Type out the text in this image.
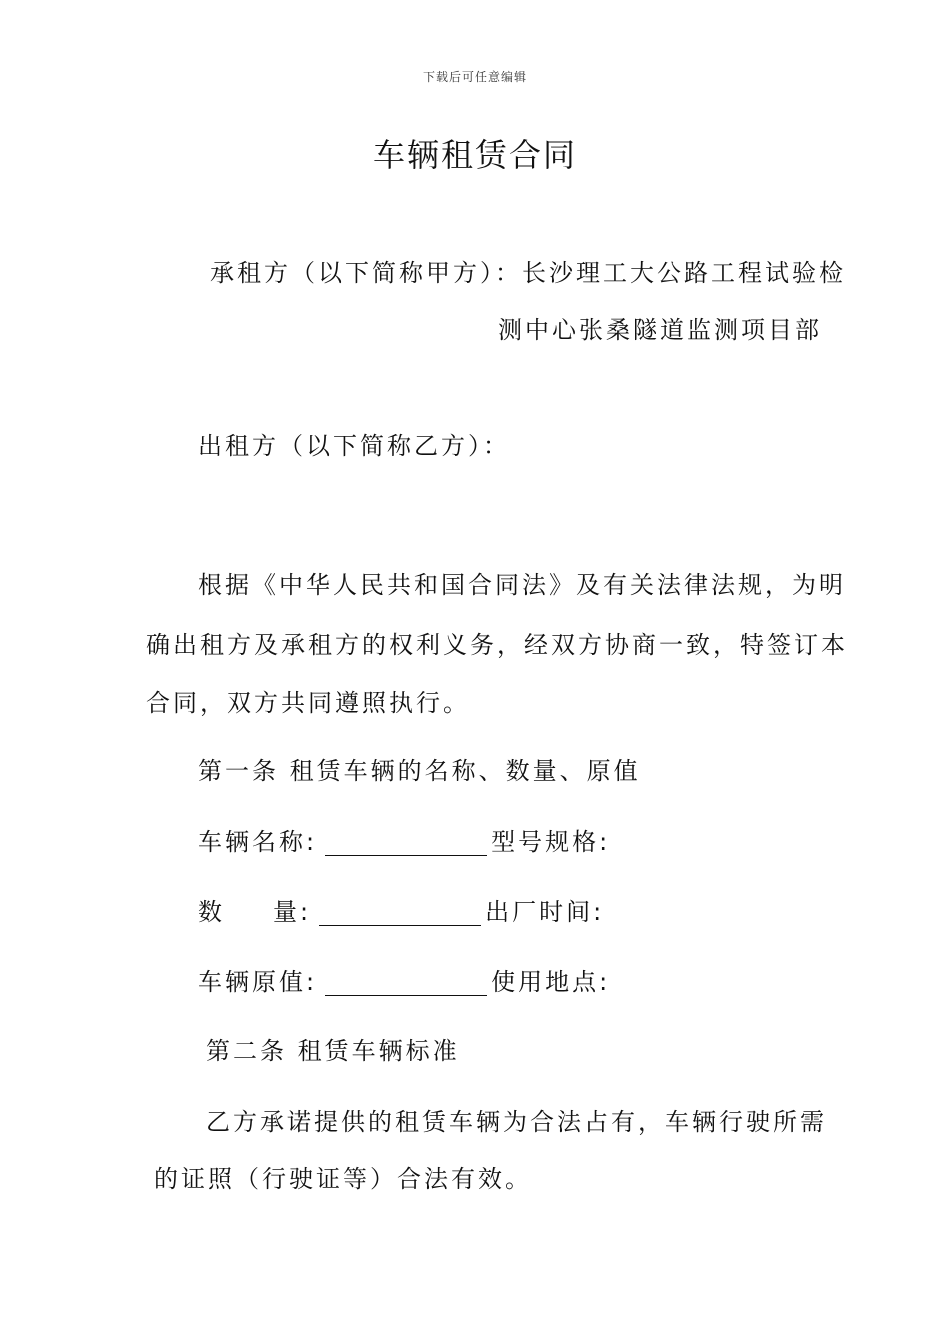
下载后可任意编辑
车辆租赁合同
承租方（以下简称甲方）：长沙理工大公路工程试验检
测中心张桑隧道监测项目部
出租方（以下简称乙方）：
根据《中华人民共和国合同法》及有关法律法规，为明
确出租方及承租方的权利义务，经双方协商一致，特签订本
合同，双方共同遵照执行。
第一条 租赁车辆的名称、数量、原值
车辆名称:	型号规格:
数 量:	出厂时间:
车辆原值:	使用地点:
第二条 租赁车辆标准
乙方承诺提供的租赁车辆为合法占有，车辆行驶所需
的证照（行驶证等）合法有效。
